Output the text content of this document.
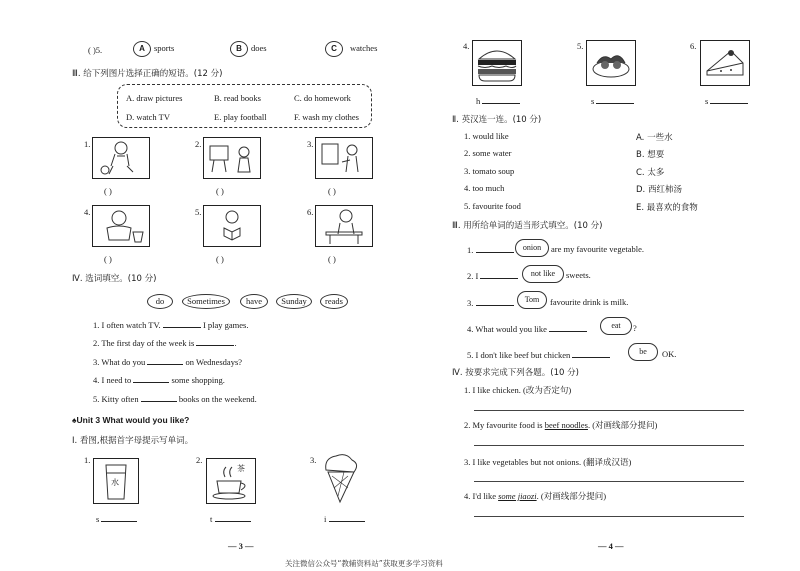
( )5.	A sports	B does	C watches
Ⅲ. 给下列图片选择正确的短语。(12 分)
A. draw pictures	B. read books	C. do homework
D. watch TV	E. play football	F. wash my clothes
1.	2.	3.
( )	( )	( )
4.	5.	6.
( )	( )	( )
Ⅳ. 选词填空。(10 分)
do	Sometimes	have	Sunday	reads
1. I often watch TV.	I play games.
2. The first day of the week is	.
3. What do you	on Wednesdays?
4. I need to	some shopping.
5. Kitty often	books on the weekend.
♠Unit 3 What would you like?
Ⅰ. 看图,根据首字母提示写单词。
1.
水
2.
茶
3.
s	t	i
— 3 —
4.	5.	6.
h	s	s
Ⅱ. 英汉连一连。(10 分)
1. would like
2. some water
3. tomato soup
4. too much
5. favourite food
A. 一些水
B. 想要
C. 太多
D. 西红柿汤
E. 最喜欢的食物
Ⅲ. 用所给单词的适当形式填空。(10 分)
1.	onion	are my favourite vegetable.
2. I	not like	sweets.
3.	Tom	favourite drink is milk.
4. What would you like	eat	?
5. I don't like beef but chicken	be	OK.
Ⅳ. 按要求完成下列各题。(10 分)
1. I like chicken. (改为否定句)
2. My favourite food is beef noodles. (对画线部分提问)
3. I like vegetables but not onions. (翻译成汉语)
4. I'd like some jiaozi. (对画线部分提问)
— 4 —
关注微信公众号“教辅资料站”获取更多学习资料
